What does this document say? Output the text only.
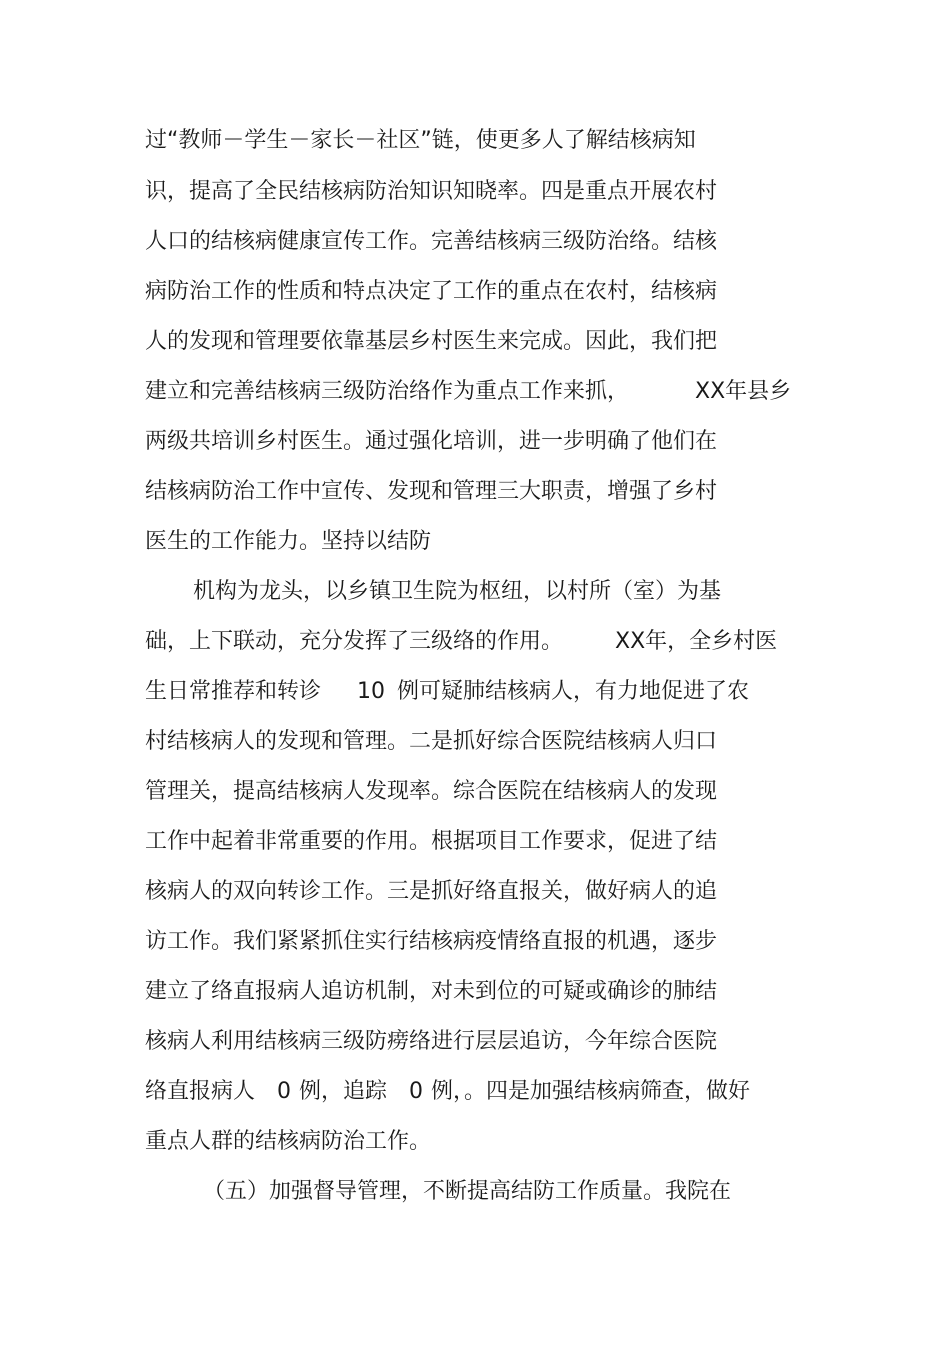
过“教师－学生－家长－社区”链，使更多人了解结核病知
识，提高了全民结核病防治知识知晓率。四是重点开展农村
人口的结核病健康宣传工作。完善结核病三级防治络。结核
病防治工作的性质和特点决定了工作的重点在农村，结核病
人的发现和管理要依靠基层乡村医生来完成。因此，我们把
建立和完善结核病三级防治络作为重点工作来抓，	XX年县乡
两级共培训乡村医生。通过强化培训，进一步明确了他们在
结核病防治工作中宣传、发现和管理三大职责，增强了乡村
医生的工作能力。坚持以结防
机构为龙头，以乡镇卫生院为枢纽，以村所（室）为基
础，上下联动，充分发挥了三级络的作用。 XX年，全乡村医
生日常推荐和转诊 10 例可疑肺结核病人，有力地促进了农
村结核病人的发现和管理。二是抓好综合医院结核病人归口
管理关，提高结核病人发现率。综合医院在结核病人的发现
工作中起着非常重要的作用。根据项目工作要求，促进了结
核病人的双向转诊工作。三是抓好络直报关，做好病人的追
访工作。我们紧紧抓住实行结核病疫情络直报的机遇，逐步
建立了络直报病人追访机制，对未到位的可疑或确诊的肺结
核病人利用结核病三级防痨络进行层层追访，今年综合医院
络直报病人 0 例，追踪 0 例，。四是加强结核病筛查，做好
重点人群的结核病防治工作。
（五）加强督导管理，不断提高结防工作质量。我院在
